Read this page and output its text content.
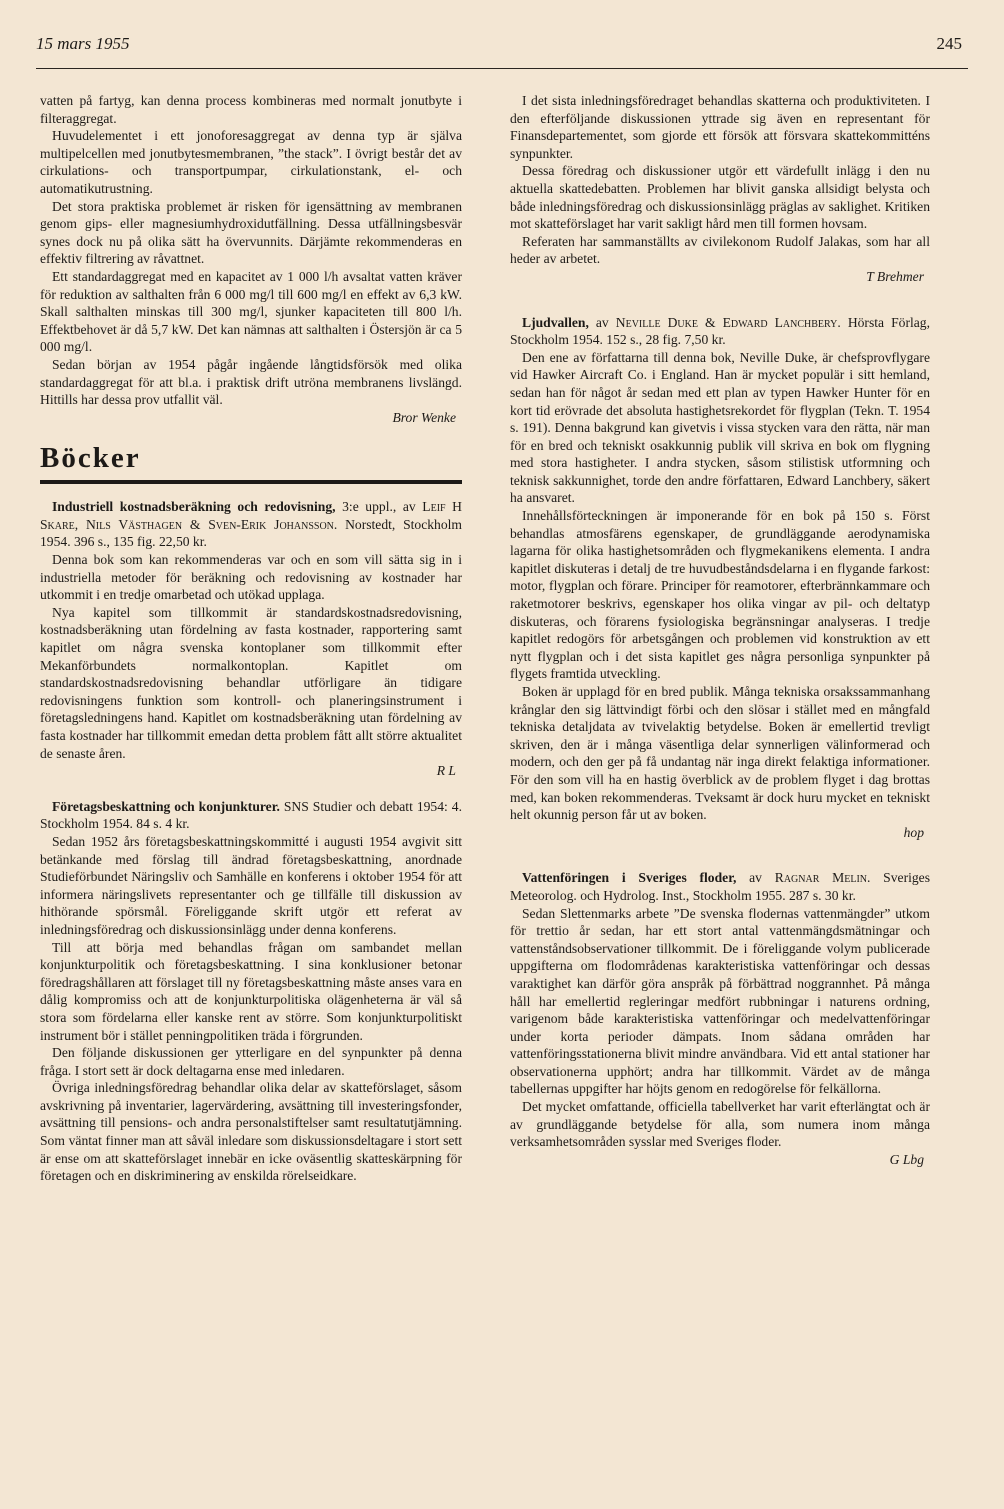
15 mars 1955	245

vatten på fartyg, kan denna process kombineras med normalt jonutbyte i filteraggregat.

Huvudelementet i ett jonoforesaggregat av denna typ är själva multipelcellen med jonutbytesmembranen, ”the stack”. I övrigt består det av cirkulations- och transportpumpar, cirkulationstank, el- och automatikutrustning.

Det stora praktiska problemet är risken för igensättning av membranen genom gips- eller magnesiumhydroxidutfällning. Dessa utfällningsbesvär synes dock nu på olika sätt ha övervunnits. Därjämte rekommenderas en effektiv filtrering av råvattnet.

Ett standardaggregat med en kapacitet av 1 000 l/h avsaltat vatten kräver för reduktion av salthalten från 6 000 mg/l till 600 mg/l en effekt av 6,3 kW. Skall salthalten minskas till 300 mg/l, sjunker kapaciteten till 800 l/h. Effektbehovet är då 5,7 kW. Det kan nämnas att salthalten i Östersjön är ca 5 000 mg/l.

Sedan början av 1954 pågår ingående långtidsförsök med olika standardaggregat för att bl.a. i praktisk drift utröna membranens livslängd. Hittills har dessa prov utfallit väl.

Bror Wenke
Böcker

Industriell kostnadsberäkning och redovisning, 3:e uppl., av Leif H Skare, Nils Västhagen & Sven-Erik Johansson. Norstedt, Stockholm 1954. 396 s., 135 fig. 22,50 kr.

Denna bok som kan rekommenderas var och en som vill sätta sig in i industriella metoder för beräkning och redovisning av kostnader har utkommit i en tredje omarbetad och utökad upplaga.

Nya kapitel som tillkommit är standardskostnadsredovisning, kostnadsberäkning utan fördelning av fasta kostnader, rapportering samt kapitlet om några svenska kontoplaner som tillkommit efter Mekanförbundets normalkontoplan. Kapitlet om standardskostnadsredovisning behandlar utförligare än tidigare redovisningens funktion som kontroll- och planeringsinstrument i företagsledningens hand. Kapitlet om kostnadsberäkning utan fördelning av fasta kostnader har tillkommit emedan detta problem fått allt större aktualitet de senaste åren.

R L

Företagsbeskattning och konjunkturer. SNS Studier och debatt 1954: 4. Stockholm 1954. 84 s. 4 kr.

Sedan 1952 års företagsbeskattningskommitté i augusti 1954 avgivit sitt betänkande med förslag till ändrad företagsbeskattning, anordnade Studieförbundet Näringsliv och Samhälle en konferens i oktober 1954 för att informera näringslivets representanter och ge tillfälle till diskussion av hithörande spörsmål. Föreliggande skrift utgör ett referat av inledningsföredrag och diskussionsinlägg under denna konferens.

Till att börja med behandlas frågan om sambandet mellan konjunkturpolitik och företagsbeskattning. I sina konklusioner betonar föredragshållaren att förslaget till ny företagsbeskattning måste anses vara en dålig kompromiss och att de konjunkturpolitiska olägenheterna är väl så stora som fördelarna eller kanske rent av större. Som konjunkturpolitiskt instrument bör i stället penningpolitiken träda i förgrunden.

Den följande diskussionen ger ytterligare en del synpunkter på denna fråga. I stort sett är dock deltagarna ense med inledaren.

Övriga inledningsföredrag behandlar olika delar av skatteförslaget, såsom avskrivning på inventarier, lagervärdering, avsättning till investeringsfonder, avsättning till pensions- och andra personalstiftelser samt resultatutjämning. Som väntat finner man att såväl inledare som diskussionsdeltagare i stort sett är ense om att skatteförslaget innebär en icke oväsentlig skatteskärpning för företagen och en diskriminering av enskilda rörelseidkare.

I det sista inledningsföredraget behandlas skatterna och produktiviteten. I den efterföljande diskussionen yttrade sig även en representant för Finansdepartementet, som gjorde ett försök att försvara skattekommitténs synpunkter.

Dessa föredrag och diskussioner utgör ett värdefullt inlägg i den nu aktuella skattedebatten. Problemen har blivit ganska allsidigt belysta och både inledningsföredrag och diskussionsinlägg präglas av saklighet. Kritiken mot skatteförslaget har varit sakligt hård men till formen hovsam.

Referaten har sammanställts av civilekonom Rudolf Jalakas, som har all heder av arbetet.

T Brehmer

Ljudvallen, av Neville Duke & Edward Lanchbery. Hörsta Förlag, Stockholm 1954. 152 s., 28 fig. 7,50 kr.

Den ene av författarna till denna bok, Neville Duke, är chefsprovflygare vid Hawker Aircraft Co. i England. Han är mycket populär i sitt hemland, sedan han för något år sedan med ett plan av typen Hawker Hunter för en kort tid erövrade det absoluta hastighetsrekordet för flygplan (Tekn. T. 1954 s. 191). Denna bakgrund kan givetvis i vissa stycken vara den rätta, när man för en bred och tekniskt osakkunnig publik vill skriva en bok om flygning med stora hastigheter. I andra stycken, såsom stilistisk utformning och teknisk sakkunnighet, torde den andre författaren, Edward Lanchbery, säkert ha ansvaret.

Innehållsförteckningen är imponerande för en bok på 150 s. Först behandlas atmosfärens egenskaper, de grundläggande aerodynamiska lagarna för olika hastighetsområden och flygmekanikens elementa. I andra kapitlet diskuteras i detalj de tre huvudbeståndsdelarna i en flygande farkost: motor, flygplan och förare. Principer för reamotorer, efterbrännkammare och raketmotorer beskrivs, egenskaper hos olika vingar av pil- och deltatyp diskuteras, och förarens fysiologiska begränsningar analyseras. I tredje kapitlet redogörs för arbetsgången och problemen vid konstruktion av ett nytt flygplan och i det sista kapitlet ges några personliga synpunkter på flygets framtida utveckling.

Boken är upplagd för en bred publik. Många tekniska orsakssammanhang krånglar den sig lättvindigt förbi och den slösar i stället med en mångfald tekniska detaljdata av tvivelaktig betydelse. Boken är emellertid trevligt skriven, den är i många väsentliga delar synnerligen välinformerad och modern, och den ger på få undantag när inga direkt felaktiga informationer. För den som vill ha en hastig överblick av de problem flyget i dag brottas med, kan boken rekommenderas. Tveksamt är dock huru mycket en tekniskt helt okunnig person får ut av boken.

hop

Vattenföringen i Sveriges floder, av Ragnar Melin. Sveriges Meteorolog. och Hydrolog. Inst., Stockholm 1955. 287 s. 30 kr.

Sedan Slettenmarks arbete ”De svenska flodernas vattenmängder” utkom för trettio år sedan, har ett stort antal vattenmängdsmätningar och vattenståndsobservationer tillkommit. De i föreliggande volym publicerade uppgifterna om flodområdenas karakteristiska vattenföringar och dessas varaktighet kan därför göra anspråk på förbättrad noggrannhet. På många håll har emellertid regleringar medfört rubbningar i naturens ordning, varigenom både karakteristiska vattenföringar och medelvattenföringar under korta perioder dämpats. Inom sådana områden har vattenföringsstationerna blivit mindre användbara. Vid ett antal stationer har observationerna upphört; andra har tillkommit. Värdet av de många tabellernas uppgifter har höjts genom en redogörelse för felkällorna.

Det mycket omfattande, officiella tabellverket har varit efterlängtat och är av grundläggande betydelse för alla, som numera inom många verksamhetsområden sysslar med Sveriges floder.

G Lbg
